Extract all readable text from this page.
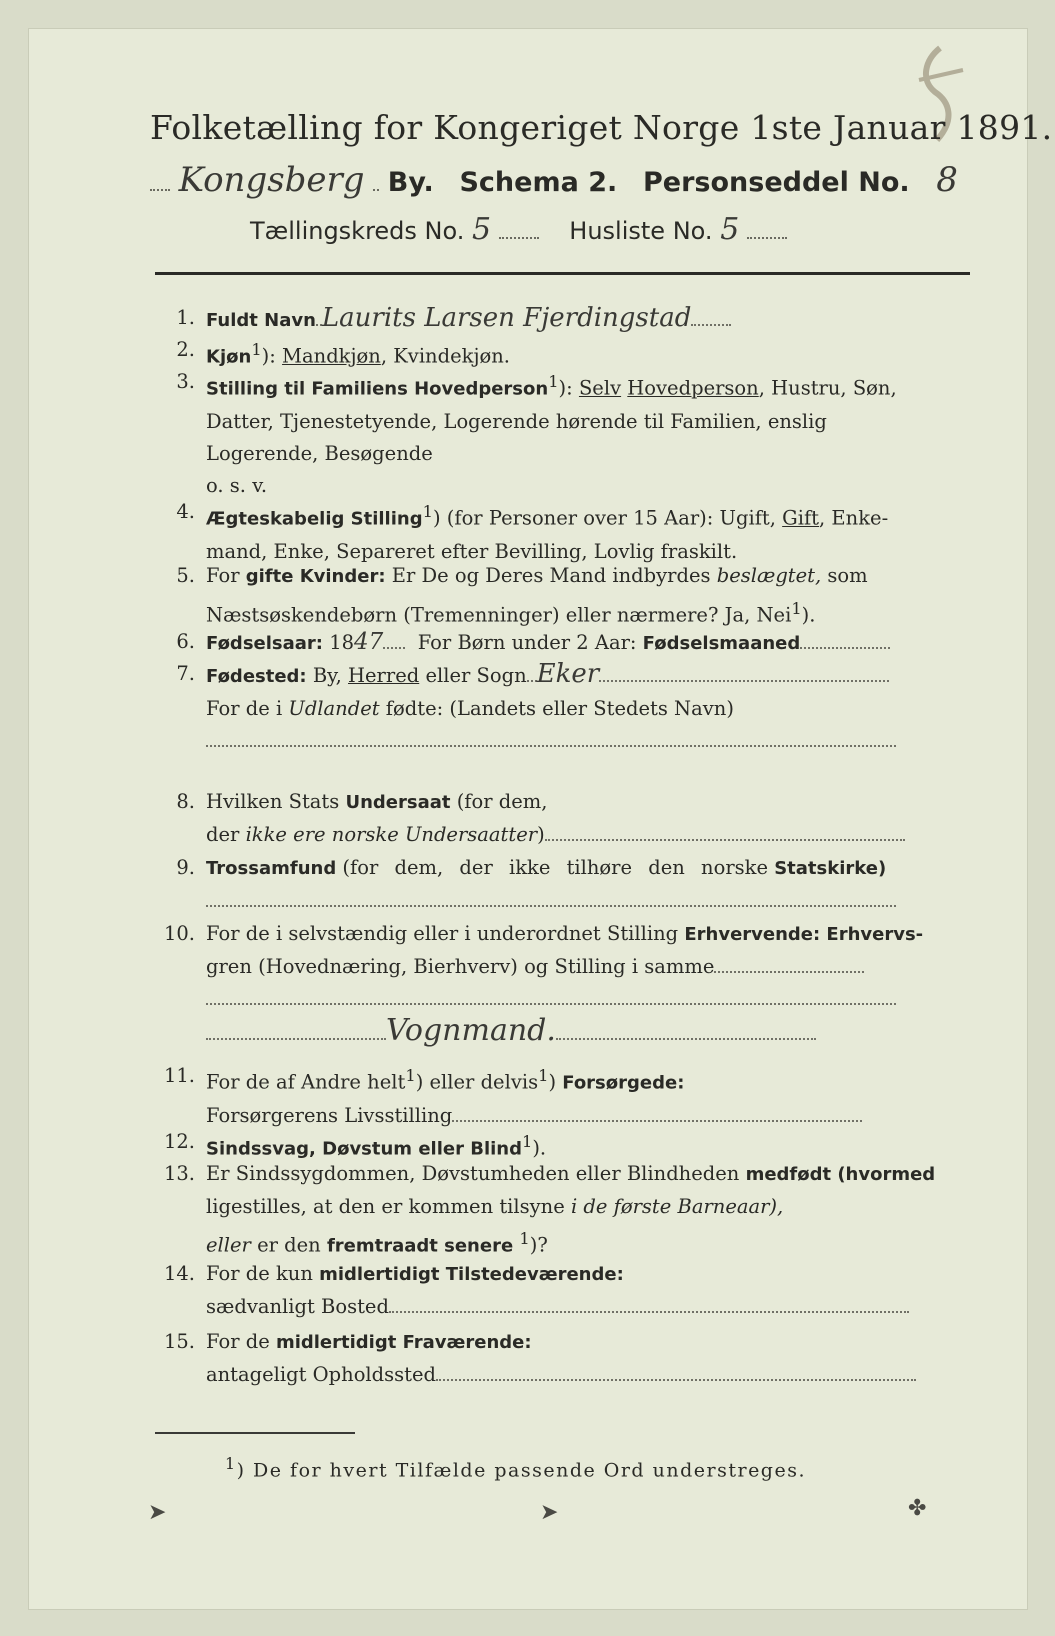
Folketælling for Kongeriget Norge 1ste Januar 1891.
Kongsberg By. Schema 2. Personseddel No. 8
Tællingskreds No. 5	Husliste No. 5
1. Fuldt Navn Laurits Larsen Fjerdingstad
2. Kjøn$^1$): Mandkjøn, Kvindekjøn.
3. Stilling til Familiens Hovedperson$^1$): Selv Hovedperson, Hustru, Søn,
Datter, Tjenestetyende, Logerende hørende til Familien, enslig
Logerende, Besøgende
o. s. v.
4. Ægteskabelig Stilling$^1$) (for Personer over 15 Aar): Ugift, Gift, Enke-
mand, Enke, Separeret efter Bevilling, Lovlig fraskilt.
5. For gifte Kvinder: Er De og Deres Mand indbyrdes beslægtet, som
Næstsøskendebørn (Tremenninger) eller nærmere? Ja, Nei$^1$).
6. Fødselsaar: 1847 For Børn under 2 Aar: Fødselsmaaned
7. Fødested: By, Herred eller Sogn Eker
For de i Udlandet fødte: (Landets eller Stedets Navn)

8. Hvilken Stats Undersaat (for dem,
der ikke ere norske Undersaatter)
9. Trossamfund (for dem, der ikke tilhøre den norske Statskirke)

10. For de i selvstændig eller i underordnet Stilling Erhvervende: Erhvervs-
gren (Hovednæring, Bierhverv) og Stilling i samme

Vognmand.
11. For de af Andre helt$^1$) eller delvis$^1$) Forsørgede:
Forsørgerens Livsstilling
12. Sindssvag, Døvstum eller Blind$^1$).
13. Er Sindssygdommen, Døvstumheden eller Blindheden medfødt (hvormed
ligestilles, at den er kommen tilsyne i de første Barneaar),
eller er den fremtraadt senere $^1$)?
14. For de kun midlertidigt Tilstedeværende:
sædvanligt Bosted
15. For de midlertidigt Fraværende:
antageligt Opholdssted
$^1$) De for hvert Tilfælde passende Ord understreges.
➤	➤	✤
